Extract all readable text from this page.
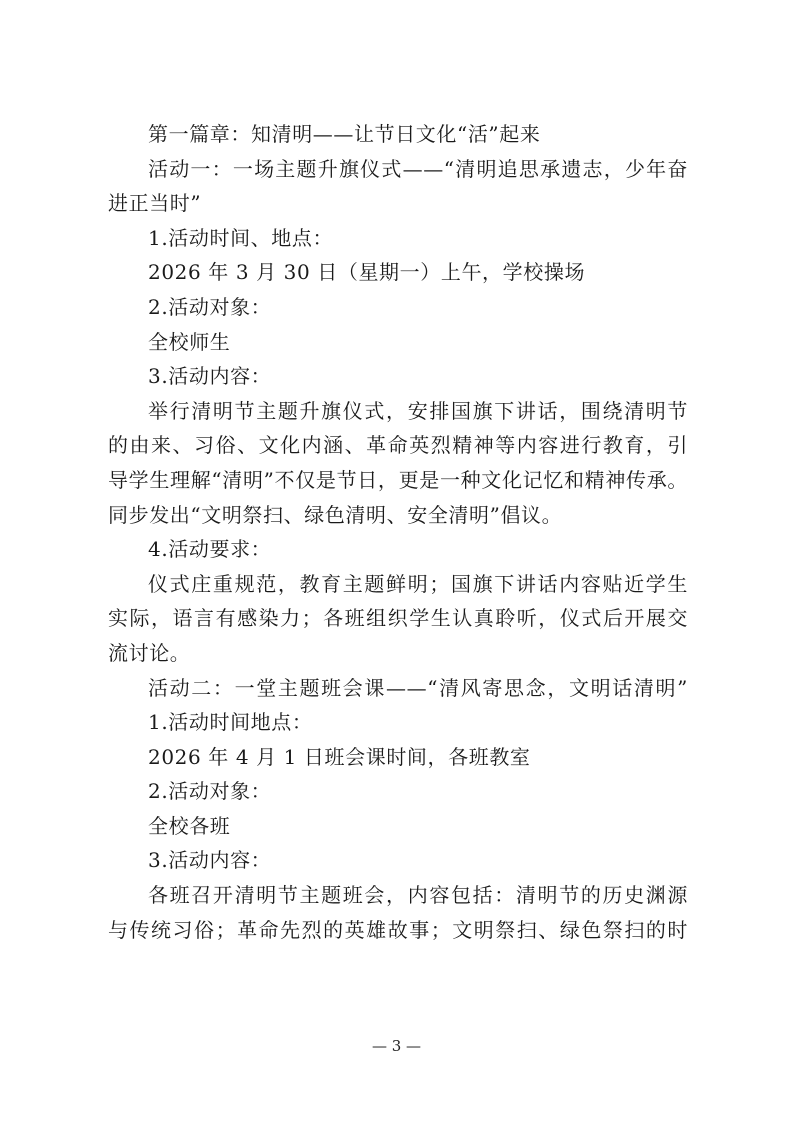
第一篇章：知清明——让节日文化“活”起来
活动一：一场主题升旗仪式——“清明追思承遗志，少年奋
进正当时”
1.活动时间、地点：
2026 年 3 月 30 日（星期一）上午，学校操场
2.活动对象：
全校师生
3.活动内容：
举行清明节主题升旗仪式，安排国旗下讲话，围绕清明节
的由来、习俗、文化内涵、革命英烈精神等内容进行教育，引
导学生理解“清明”不仅是节日，更是一种文化记忆和精神传承。
同步发出“文明祭扫、绿色清明、安全清明”倡议。
4.活动要求：
仪式庄重规范，教育主题鲜明；国旗下讲话内容贴近学生
实际，语言有感染力；各班组织学生认真聆听，仪式后开展交
流讨论。
活动二：一堂主题班会课——“清风寄思念，文明话清明”
1.活动时间地点：
2026 年 4 月 1 日班会课时间，各班教室
2.活动对象：
全校各班
3.活动内容：
各班召开清明节主题班会，内容包括：清明节的历史渊源
与传统习俗；革命先烈的英雄故事；文明祭扫、绿色祭扫的时
— 3 —
